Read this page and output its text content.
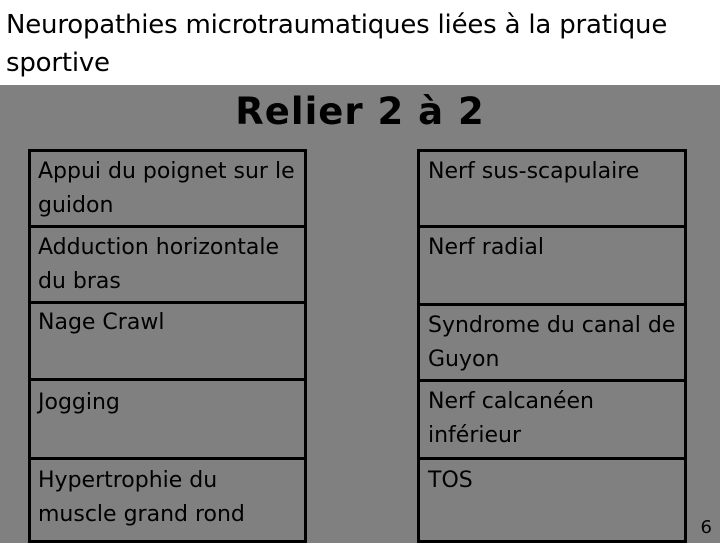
Neuropathies microtraumatiques liées à la pratique sportive
Relier 2 à 2
Appui du poignet sur le guidon
Adduction horizontale du bras
Nage Crawl
Jogging
Hypertrophie du muscle grand rond
Nerf sus-scapulaire
Nerf radial
Syndrome du canal de Guyon
Nerf calcanéen inférieur
TOS
6
